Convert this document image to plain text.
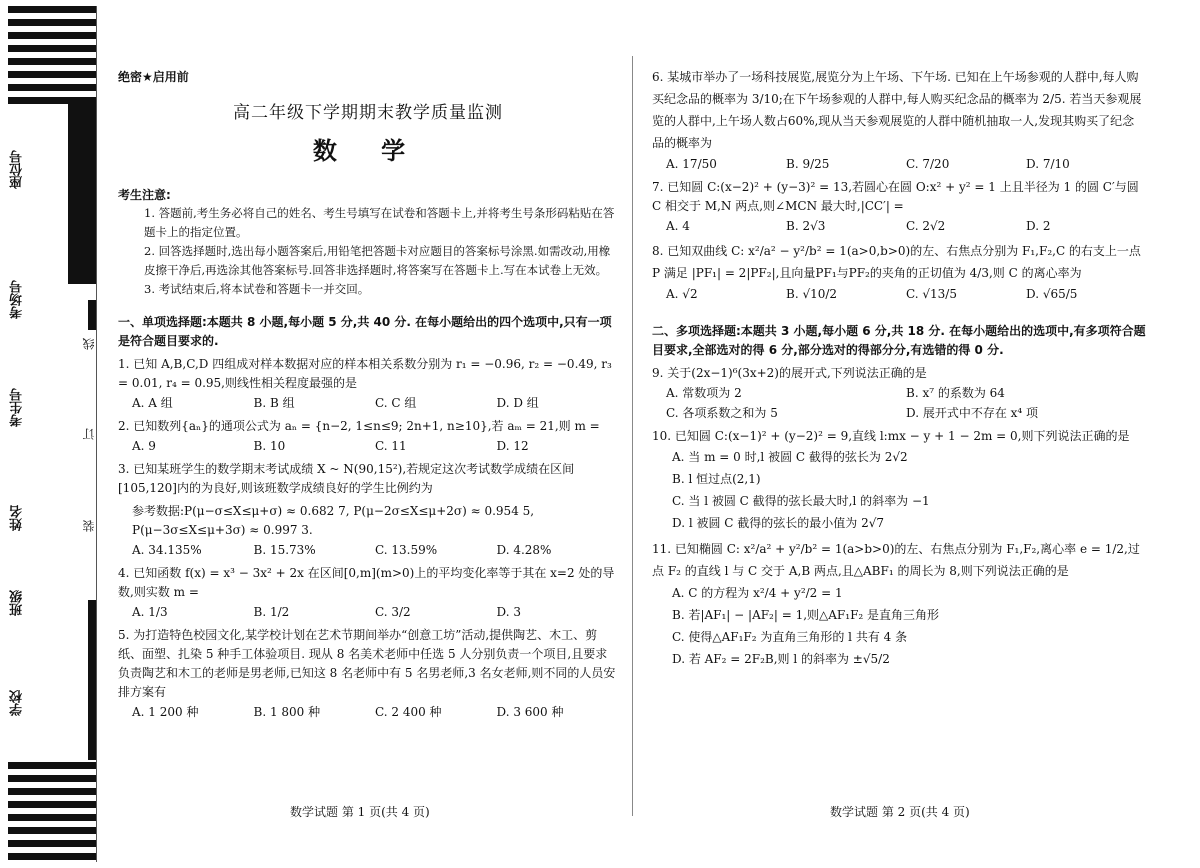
座位号
考场号
考生号
姓名
班级
学校
线
订
装
绝密★启用前
高二年级下学期期末教学质量监测
数 学
考生注意:
1. 答题前,考生务必将自己的姓名、考生号填写在试卷和答题卡上,并将考生号条形码粘贴在答题卡上的指定位置。
2. 回答选择题时,选出每小题答案后,用铅笔把答题卡对应题目的答案标号涂黑.如需改动,用橡皮擦干净后,再选涂其他答案标号.回答非选择题时,将答案写在答题卡上.写在本试卷上无效。
3. 考试结束后,将本试卷和答题卡一并交回。
一、单项选择题:本题共 8 小题,每小题 5 分,共 40 分. 在每小题给出的四个选项中,只有一项是符合题目要求的.
1. 已知 A,B,C,D 四组成对样本数据对应的样本相关系数分别为 r₁ = −0.96, r₂ = −0.49, r₃ = 0.01, r₄ = 0.95,则线性相关程度最强的是
A. A 组	B. B 组	C. C 组	D. D 组
2. 已知数列{aₙ}的通项公式为 aₙ = {n−2, 1≤n≤9; 2n+1, n≥10},若 aₘ = 21,则 m =
A. 9	B. 10	C. 11	D. 12
3. 已知某班学生的数学期末考试成绩 X ~ N(90,15²),若规定这次考试数学成绩在区间[105,120]内的为良好,则该班数学成绩良好的学生比例约为
参考数据:P(μ−σ≤X≤μ+σ) ≈ 0.682 7, P(μ−2σ≤X≤μ+2σ) ≈ 0.954 5, P(μ−3σ≤X≤μ+3σ) ≈ 0.997 3.
A. 34.135%	B. 15.73%	C. 13.59%	D. 4.28%
4. 已知函数 f(x) = x³ − 3x² + 2x 在区间[0,m](m>0)上的平均变化率等于其在 x=2 处的导数,则实数 m =
A. 1/3	B. 1/2	C. 3/2	D. 3
5. 为打造特色校园文化,某学校计划在艺术节期间举办“创意工坊”活动,提供陶艺、木工、剪纸、面塑、扎染 5 种手工体验项目. 现从 8 名美术老师中任选 5 人分别负责一个项目,且要求负责陶艺和木工的老师是男老师,已知这 8 名老师中有 5 名男老师,3 名女老师,则不同的人员安排方案有
A. 1 200 种	B. 1 800 种	C. 2 400 种	D. 3 600 种
6. 某城市举办了一场科技展览,展览分为上午场、下午场. 已知在上午场参观的人群中,每人购买纪念品的概率为 3/10;在下午场参观的人群中,每人购买纪念品的概率为 2/5. 若当天参观展览的人群中,上午场人数占60%,现从当天参观展览的人群中随机抽取一人,发现其购买了纪念品的概率为
A. 17/50	B. 9/25	C. 7/20	D. 7/10
7. 已知圆 C:(x−2)² + (y−3)² = 13,若圆心在圆 O:x² + y² = 1 上且半径为 1 的圆 C′与圆 C 相交于 M,N 两点,则∠MCN 最大时,|CC′| =
A. 4	B. 2√3	C. 2√2	D. 2
8. 已知双曲线 C: x²/a² − y²/b² = 1(a>0,b>0)的左、右焦点分别为 F₁,F₂,C 的右支上一点 P 满足 |PF₁| = 2|PF₂|,且向量PF₁与PF₂的夹角的正切值为 4/3,则 C 的离心率为
A. √2	B. √10/2	C. √13/5	D. √65/5
二、多项选择题:本题共 3 小题,每小题 6 分,共 18 分. 在每小题给出的选项中,有多项符合题目要求,全部选对的得 6 分,部分选对的得部分分,有选错的得 0 分.
9. 关于(2x−1)⁶(3x+2)的展开式,下列说法正确的是
A. 常数项为 2	B. x⁷ 的系数为 64
C. 各项系数之和为 5	D. 展开式中不存在 x⁴ 项
10. 已知圆 C:(x−1)² + (y−2)² = 9,直线 l:mx − y + 1 − 2m = 0,则下列说法正确的是
A. 当 m = 0 时,l 被圆 C 截得的弦长为 2√2
B. l 恒过点(2,1)
C. 当 l 被圆 C 截得的弦长最大时,l 的斜率为 −1
D. l 被圆 C 截得的弦长的最小值为 2√7
11. 已知椭圆 C: x²/a² + y²/b² = 1(a>b>0)的左、右焦点分别为 F₁,F₂,离心率 e = 1/2,过点 F₂ 的直线 l 与 C 交于 A,B 两点,且△ABF₁ 的周长为 8,则下列说法正确的是
A. C 的方程为 x²/4 + y²/2 = 1
B. 若|AF₁| − |AF₂| = 1,则△AF₁F₂ 是直角三角形
C. 使得△AF₁F₂ 为直角三角形的 l 共有 4 条
D. 若 AF₂ = 2F₂B,则 l 的斜率为 ±√5/2
数学试题 第 1 页(共 4 页)	数学试题 第 2 页(共 4 页)
